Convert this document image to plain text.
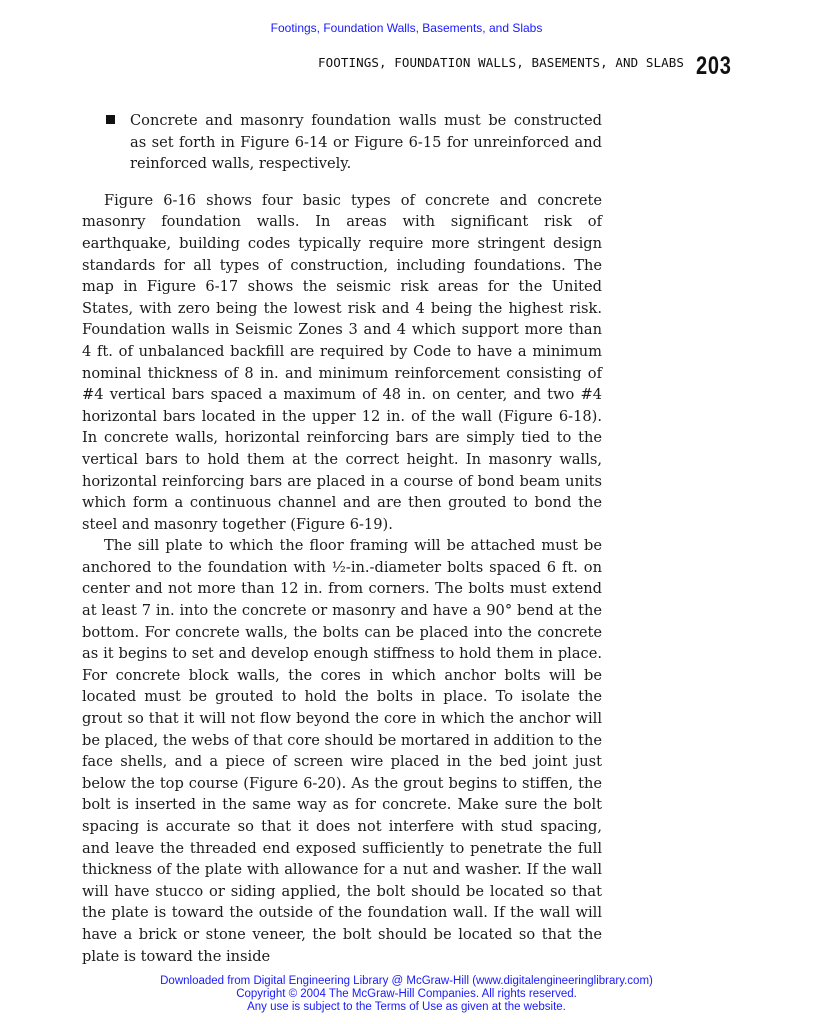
Footings, Foundation Walls, Basements, and Slabs
FOOTINGS, FOUNDATION WALLS, BASEMENTS, AND SLABS 203
Concrete and masonry foundation walls must be constructed as set forth in Figure 6-14 or Figure 6-15 for unreinforced and reinforced walls, respectively.

Figure 6-16 shows four basic types of concrete and concrete masonry foundation walls. In areas with significant risk of earthquake, building codes typically require more stringent design standards for all types of construction, including foundations. The map in Figure 6-17 shows the seismic risk areas for the United States, with zero being the lowest risk and 4 being the highest risk. Foundation walls in Seismic Zones 3 and 4 which support more than 4 ft. of unbalanced backfill are required by Code to have a minimum nominal thickness of 8 in. and minimum reinforcement consisting of #4 vertical bars spaced a maximum of 48 in. on center, and two #4 horizontal bars located in the upper 12 in. of the wall (Figure 6-18). In concrete walls, horizontal reinforcing bars are simply tied to the vertical bars to hold them at the correct height. In masonry walls, horizontal reinforcing bars are placed in a course of bond beam units which form a continuous channel and are then grouted to bond the steel and masonry together (Figure 6-19).

The sill plate to which the floor framing will be attached must be anchored to the foundation with ¹⁄₂-in.-diameter bolts spaced 6 ft. on center and not more than 12 in. from corners. The bolts must extend at least 7 in. into the concrete or masonry and have a 90° bend at the bottom. For concrete walls, the bolts can be placed into the concrete as it begins to set and develop enough stiffness to hold them in place. For concrete block walls, the cores in which anchor bolts will be located must be grouted to hold the bolts in place. To isolate the grout so that it will not flow beyond the core in which the anchor will be placed, the webs of that core should be mortared in addition to the face shells, and a piece of screen wire placed in the bed joint just below the top course (Figure 6-20). As the grout begins to stiffen, the bolt is inserted in the same way as for concrete. Make sure the bolt spacing is accurate so that it does not interfere with stud spacing, and leave the threaded end exposed sufficiently to penetrate the full thickness of the plate with allowance for a nut and washer. If the wall will have stucco or siding applied, the bolt should be located so that the plate is toward the outside of the foundation wall. If the wall will have a brick or stone veneer, the bolt should be located so that the plate is toward the inside

Downloaded from Digital Engineering Library @ McGraw-Hill (www.digitalengineeringlibrary.com)
Copyright © 2004 The McGraw-Hill Companies. All rights reserved.
Any use is subject to the Terms of Use as given at the website.
